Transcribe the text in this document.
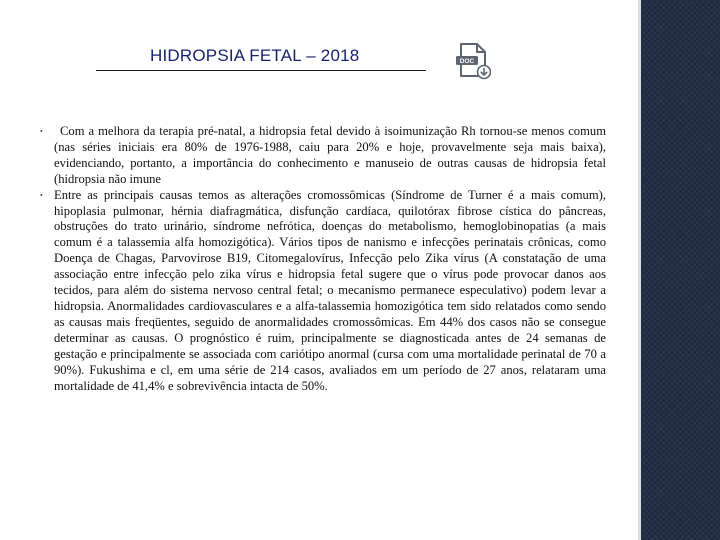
HIDROPSIA FETAL – 2018	DOC

• Com a melhora da terapia pré-natal, a hidropsia fetal devido à isoimunização Rh tornou-se menos comum (nas séries iniciais era 80% de 1976-1988, caiu para 20% e hoje, provavelmente seja mais baixa), evidenciando, portanto, a importância do conhecimento e manuseio de outras causas de hidropsia fetal (hidropsia não imune

• Entre as principais causas temos as alterações cromossômicas (Síndrome de Turner é a mais comum), hipoplasia pulmonar, hérnia diafragmática, disfunção cardíaca, quilotórax fibrose cística do pâncreas, obstruções do trato urinário, síndrome nefrótica, doenças do metabolismo, hemoglobinopatias (a mais comum é a talassemia alfa homozigótica). Vários tipos de nanismo e infecções perinatais crônicas, como Doença de Chagas, Parvovirose B19, Citomegalovírus, Infecção pelo Zika vírus (A constatação de uma associação entre infecção pelo zika vírus e hidropsia fetal sugere que o vírus pode provocar danos aos tecidos, para além do sistema nervoso central fetal; o mecanismo permanece especulativo) podem levar a hidropsia. Anormalidades cardiovasculares e a alfa-talassemia homozigótica tem sido relatados como sendo as causas mais freqüentes, seguido de anormalidades cromossômicas. Em 44% dos casos não se consegue determinar as causas. O prognóstico é ruim, principalmente se diagnosticada antes de 24 semanas de gestação e principalmente se associada com cariótipo anormal (cursa com uma mortalidade perinatal de 70 a 90%). Fukushima e cl, em uma série de 214 casos, avaliados em um período de 27 anos, relataram uma mortalidade de 41,4% e sobrevivência intacta de 50%.
